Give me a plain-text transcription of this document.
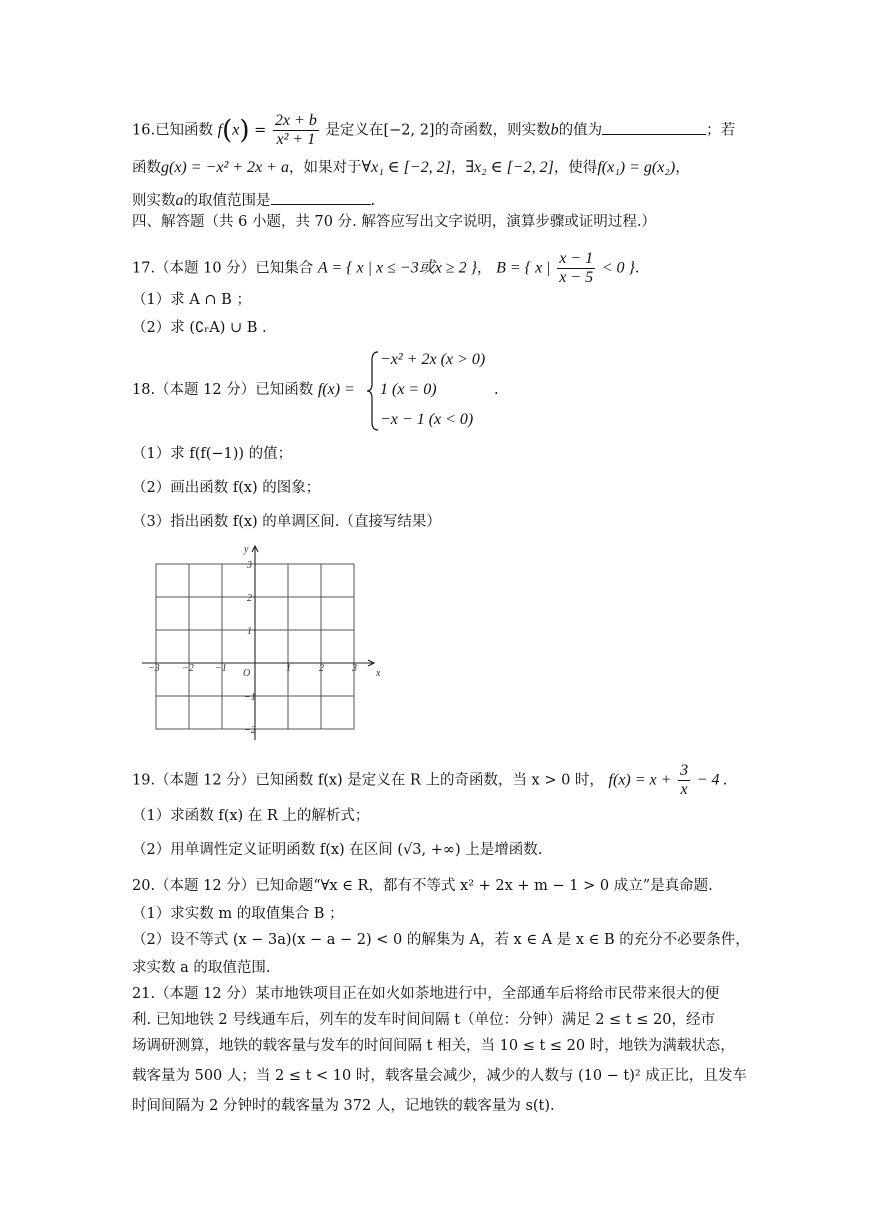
16.已知函数 $f(x) = \frac{2x + b}{\text{x² + 1}}$ 是定义在[−2, 2]的奇函数，则实数b的值为	；若
函数g(x) = −x² + 2x + a，如果对于∀x₁ ∈ [−2, 2]，∃x₂ ∈ [−2, 2]，使得f(x₁) = g(x₂)，
则实数a的取值范围是	.
四、解答题（共 6 小题，共 70 分. 解答应写出文字说明，演算步骤或证明过程.）
17.（本题 10 分）已知集合 A = { x | x ≤ −3或x ≥ 2 }， B = { x | $\frac{x - 1}{x - 5} < 0$ }.
（1）求 A ∩ B ；
（2）求 (∁ᵣA) ∪ B .
18.（本题 12 分）已知函数 f(x) =
−x² + 2x (x > 0)
1 (x = 0)
−x − 1 (x < 0)
.
（1）求 f(f(−1)) 的值；
（2）画出函数 f(x) 的图象；
（3）指出函数 f(x) 的单调区间.（直接写结果）
y
x
O
−3 −2 −1	1	2	3
3
2
1
−1
−2
19.（本题 12 分）已知函数 f(x) 是定义在 R 上的奇函数，当 x > 0 时， $f(x) = x + \frac{3}{x} - 4$ .
（1）求函数 f(x) 在 R 上的解析式；
（2）用单调性定义证明函数 f(x) 在区间 (√3, +∞) 上是增函数.
20.（本题 12 分）已知命题“∀x ∈ R，都有不等式 x² + 2x + m − 1 > 0 成立”是真命题.
（1）求实数 m 的取值集合 B ；
（2）设不等式 (x − 3a)(x − a − 2) < 0 的解集为 A，若 x ∈ A 是 x ∈ B 的充分不必要条件，
求实数 a 的取值范围.
21.（本题 12 分）某市地铁项目正在如火如荼地进行中，全部通车后将给市民带来很大的便
利. 已知地铁 2 号线通车后，列车的发车时间间隔 t（单位：分钟）满足 2 ≤ t ≤ 20，经市
场调研测算，地铁的载客量与发车的时间间隔 t 相关，当 10 ≤ t ≤ 20 时，地铁为满载状态，
载客量为 500 人；当 2 ≤ t < 10 时，载客量会减少，减少的人数与 (10 − t)² 成正比，且发车
时间间隔为 2 分钟时的载客量为 372 人，记地铁的载客量为 s(t).
